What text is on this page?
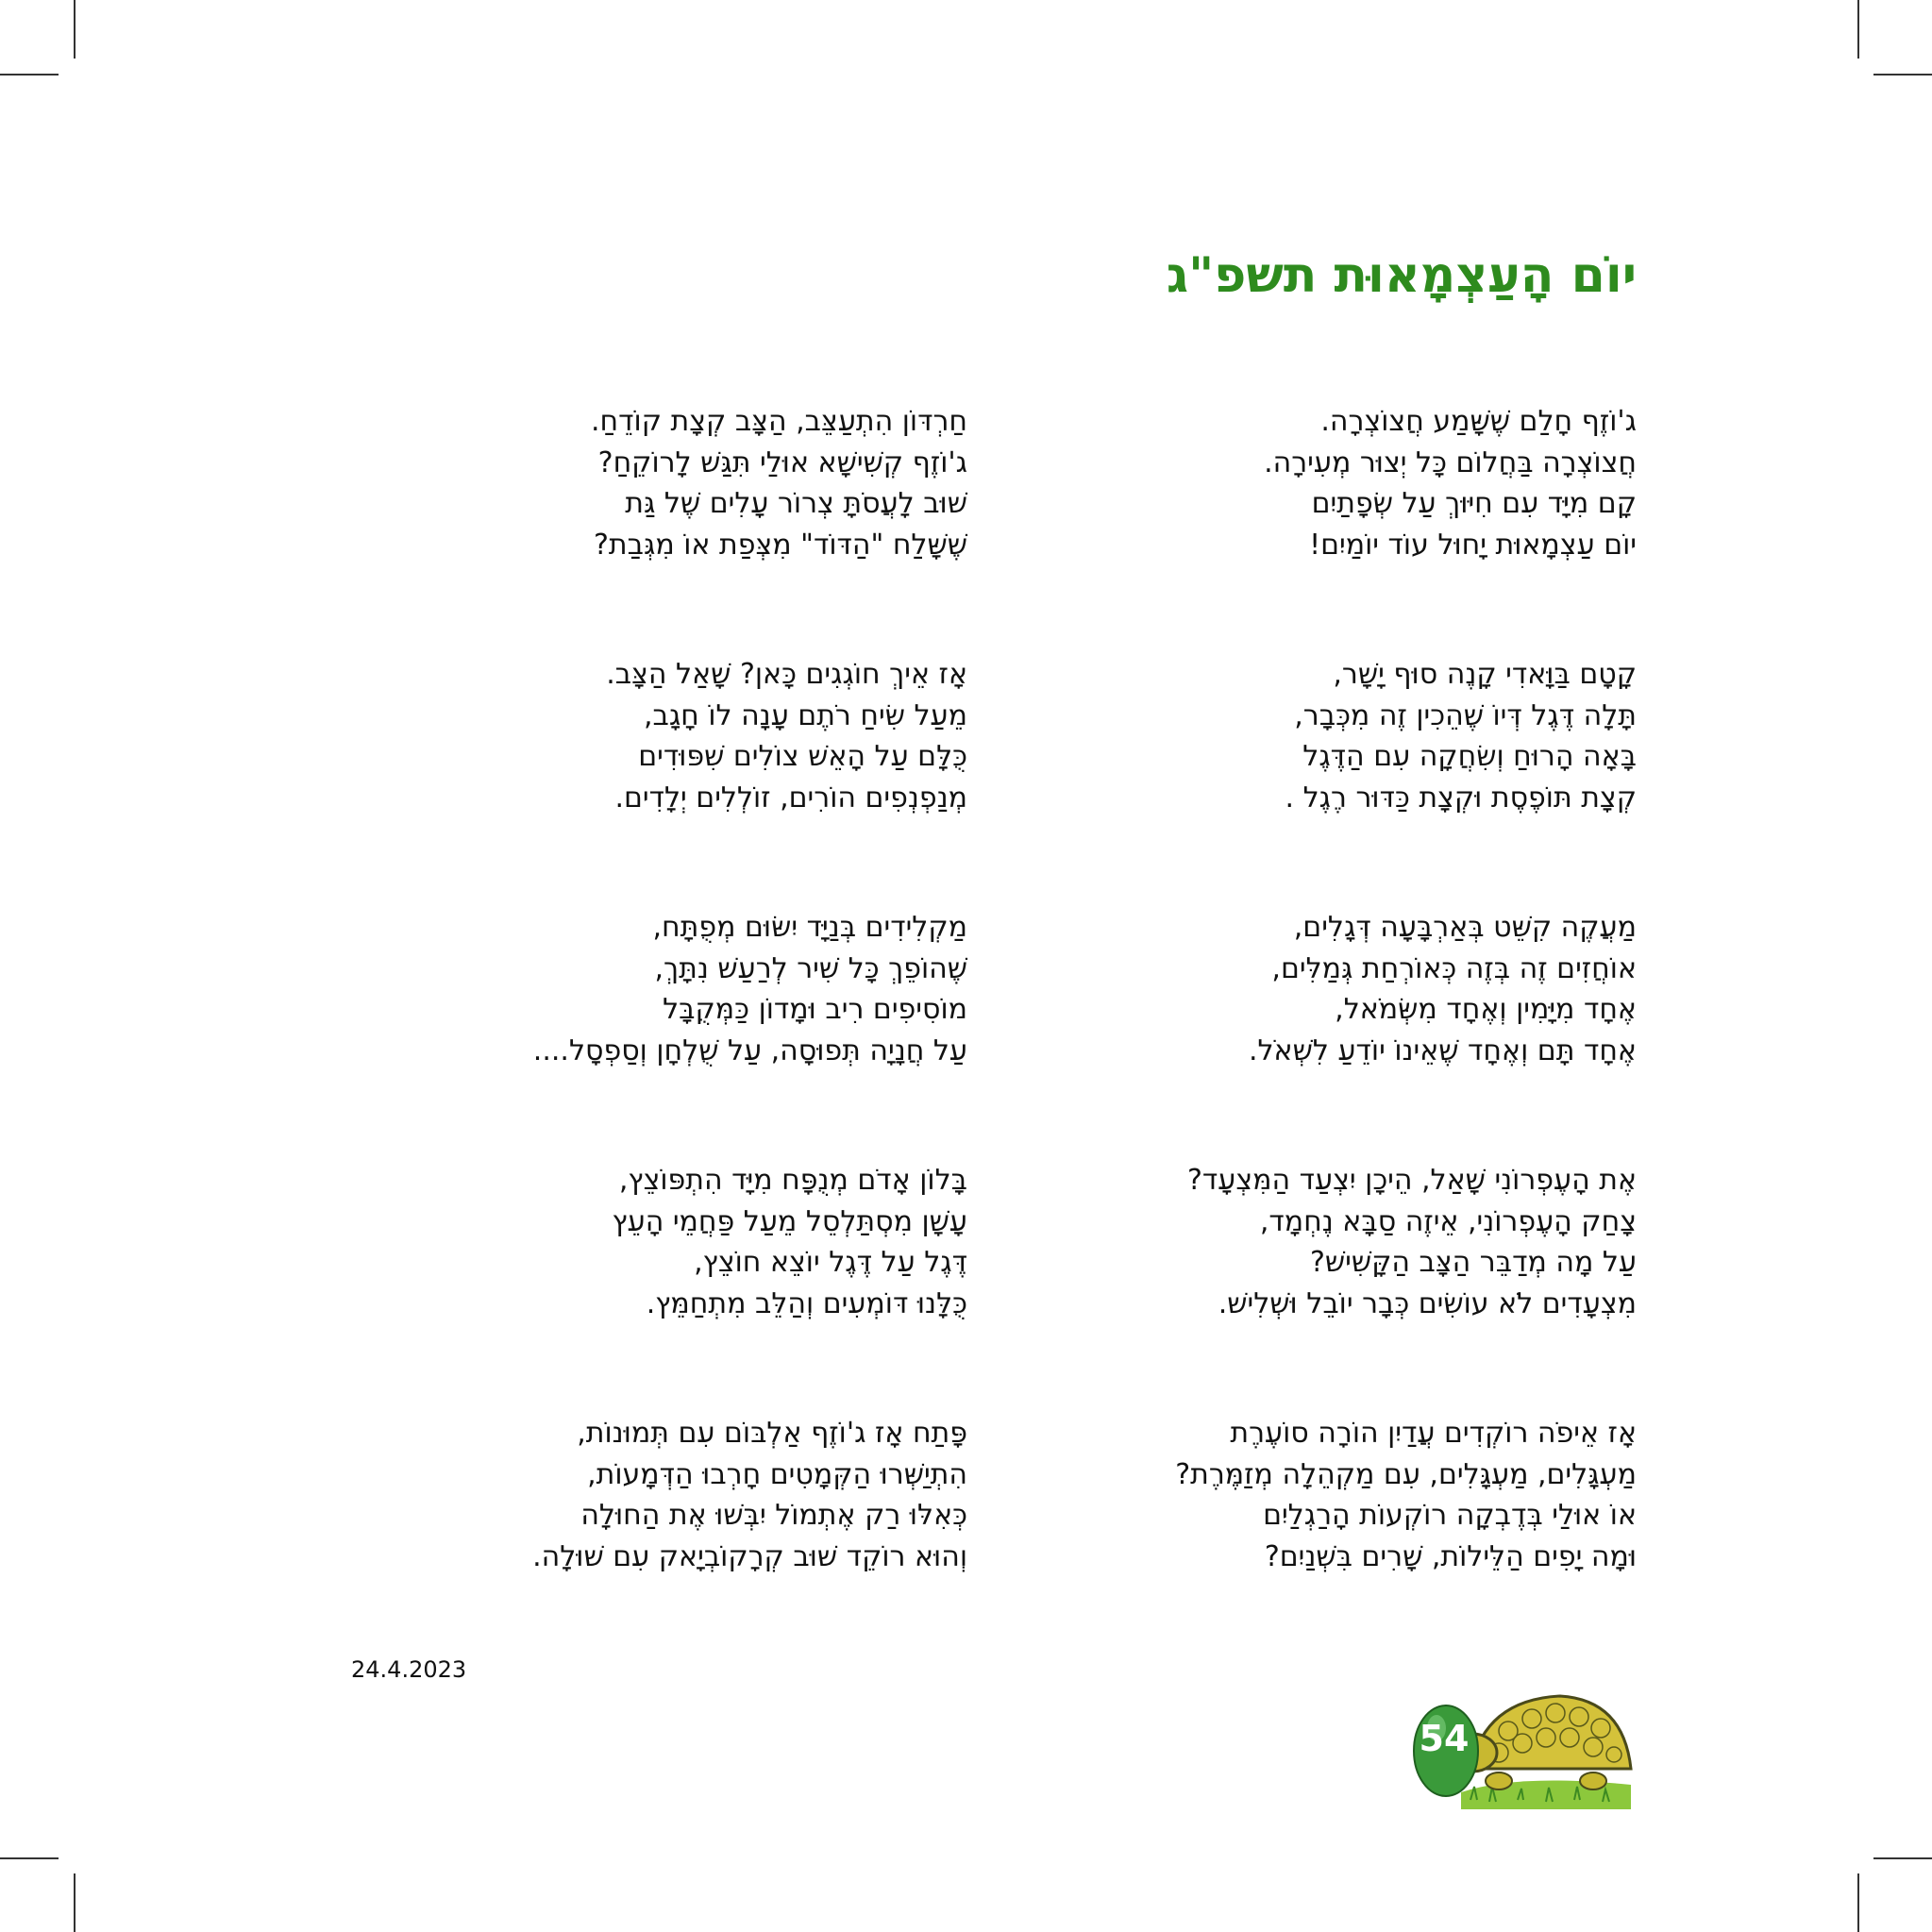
יוֹם הָעַצְמָאוּת תשפ"ג
ג'וֹזֶף חָלַם שֶׁשָּׁמַע חֲצוֹצְרָה.
חֲצוֹצְרָה בַּחֲלוֹם כָּל יְצוּר מְעִירָה.
קָם מִיָּד עִם חִיּוּךְ עַל שְׂפָתַיִם
יוֹם עַצְמָאוּת יָחוּל עוֹד יוֹמַיִם!
קָטָם בַּוָּאדִי קָנֶה סוּף יָשָׁר,
תָּלָה דֶּגֶל דְּיוֹ שֶׁהֵכִין זֶה מִכְּבָר,
בָּאָה הָרוּחַ וְשִׂחֲקָה עִם הַדֶּגֶל
קְצָת תּוֹפֶסֶת וּקְצָת כַּדּוּר רֶגֶל .
מַעֲקֶה קִשֵּׁט בְּאַרְבָּעָה דְּגָלִים,
אוֹחֲזִים זֶה בְּזֶה כְּאוֹרְחַת גְּמַלִּים,
אֶחָד מִיָּמִין וְאֶחָד מִשְּׂמֹאל,
אֶחָד תָּם וְאֶחָד שֶׁאֵינוֹ יוֹדֵעַ לִשְׁאֹל.
אֶת הָעֶפְרוֹנִי שָׁאַל, הֵיכָן יִצְעַד הַמִּצְעָד?
צָחַק הָעֶפְרוֹנִי, אֵיזֶה סַבָּא נֶחְמָד,
עַל מָה מְדַבֵּר הַצָּב הַקָּשִׁישׁ?
מִצְעָדִים לֹא עוֹשִׂים כְּבָר יוֹבֵל וּשְׁלִישׁ.
אָז אֵיפֹה רוֹקְדִים עֲדַיִן הוֹרָה סוֹעֶרֶת
מַעְגָּלִים, מַעְגָּלִים, עִם מַקְהֵלָה מְזַמֶּרֶת?
אוֹ אוּלַי בְּדֶבְקָה רוֹקְעוֹת הָרַגְלַיִם
וּמָה יָפִים הַלֵּילוֹת, שָׁרִים בִּשְׁנַיִם?
חַרְדּוֹן הִתְעַצֵּב, הַצָּב קְצָת קוֹדֵחַ.
ג'וֹזֶף קְשִׁישָׁא אוּלַי תִּגַּשׁ לָרוֹקֵחַ?
שׁוּב לָעֲסֹתָּ צְרוֹר עָלִים שֶׁל גַּת
שֶׁשָּׁלַח "הַדּוֹד" מִצְּפַת אוֹ מִגְּבַת?
אָז אֵיךְ חוֹגְגִים כָּאן? שָׁאַל הַצָּב.
מֵעַל שִׂיחַ רֹתֶם עָנָה לוֹ חָגָב,
כֻּלָּם עַל הָאֵשׁ צוֹלִים שִׁפּוּדִים
מְנַפְנְפִים הוֹרִים, זוֹלְלִים יְלָדִים.
מַקְלִידִים בְּנַיָּד יִשּׂוּם מְפֻתָּח,
שֶׁהוֹפֵךְ כָּל שִׁיר לְרַעַשׁ נִתָּךְ,
מוֹסִיפִים רִיב וּמָדוֹן כַּמְּקֻבָּל
עַל חֲנָיָה תְּפוּסָה, עַל שֻׁלְחָן וְסַפְסָל....
בָּלוֹן אָדֹם מְנֻפָּח מִיָּד הִתְפּוֹצֵץ,
עָשָׁן מִסְתַּלְסֵל מֵעַל פַּחֲמֵי הָעֵץ
דֶּגֶל עַל דֶּגֶל יוֹצֵא חוֹצֵץ,
כֻּלָּנוּ דּוֹמְעִים וְהַלֵּב מִתְחַמֵּץ.
פָּתַח אָז ג'וֹזֶף אַלְבּוֹם עִם תְּמוּנוֹת,
הִתְיַשְּׁרוּ הַקְּמָטִים חָרְבוּ הַדְּמָעוֹת,
כְּאִלּוּ רַק אֶתְמוֹל יִבְּשׁוּ אֶת הַחוּלָה
וְהוּא רוֹקֵד שׁוּב קְרָקוֹבְיָאק עִם שׁוּלָה.
24.4.2023
54
